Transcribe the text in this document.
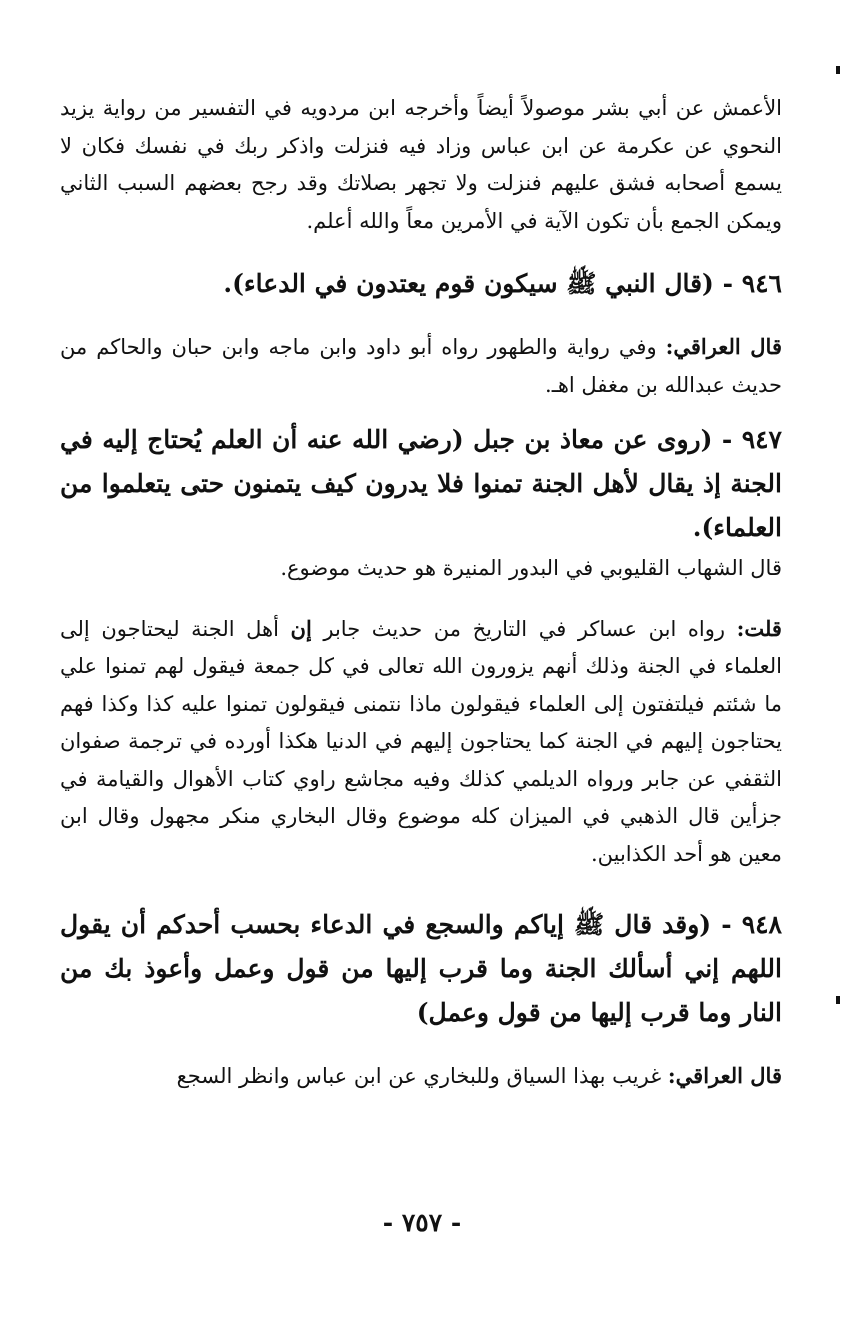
الأعمش عن أبي بشر موصولاً أيضاً وأخرجه ابن مردويه في التفسير من رواية يزيد النحوي عن عكرمة عن ابن عباس وزاد فيه فنزلت واذكر ربك في نفسك فكان لا يسمع أصحابه فشق عليهم فنزلت ولا تجهر بصلاتك وقد رجح بعضهم السبب الثاني ويمكن الجمع بأن تكون الآية في الأمرين معاً والله أعلم.

٩٤٦ - (قال النبي ﷺ سيكون قوم يعتدون في الدعاء).

قال العراقي: وفي رواية والطهور رواه أبو داود وابن ماجه وابن حبان والحاكم من حديث عبدالله بن مغفل اهـ.

٩٤٧ - (روى عن معاذ بن جبل (رضي الله عنه أن العلم يُحتاج إليه في الجنة إذ يقال لأهل الجنة تمنوا فلا يدرون كيف يتمنون حتى يتعلموا من العلماء).

قال الشهاب القليوبي في البدور المنيرة هو حديث موضوع.

قلت: رواه ابن عساكر في التاريخ من حديث جابر إن أهل الجنة ليحتاجون إلى العلماء في الجنة وذلك أنهم يزورون الله تعالى في كل جمعة فيقول لهم تمنوا علي ما شئتم فيلتفتون إلى العلماء فيقولون ماذا نتمنى فيقولون تمنوا عليه كذا وكذا فهم يحتاجون إليهم في الجنة كما يحتاجون إليهم في الدنيا هكذا أورده في ترجمة صفوان الثقفي عن جابر ورواه الديلمي كذلك وفيه مجاشع راوي كتاب الأهوال والقيامة في جزأين قال الذهبي في الميزان كله موضوع وقال البخاري منكر مجهول وقال ابن معين هو أحد الكذابين.

٩٤٨ - (وقد قال ﷺ إياكم والسجع في الدعاء بحسب أحدكم أن يقول اللهم إني أسألك الجنة وما قرب إليها من قول وعمل وأعوذ بك من النار وما قرب إليها من قول وعمل)

قال العراقي: غريب بهذا السياق وللبخاري عن ابن عباس وانظر السجع

- ٧٥٧ -
